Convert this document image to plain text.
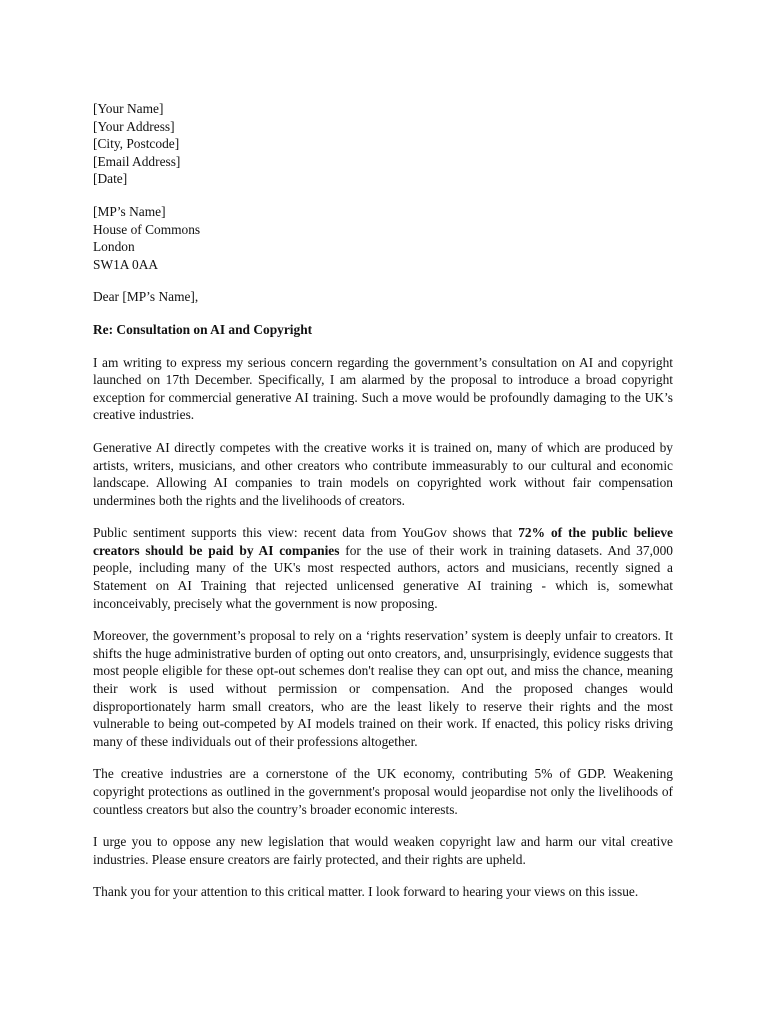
[Your Name]
[Your Address]
[City, Postcode]
[Email Address]
[Date]
[MP’s Name]
House of Commons
London
SW1A 0AA
Dear [MP’s Name],
Re: Consultation on AI and Copyright

I am writing to express my serious concern regarding the government’s consultation on AI and copyright launched on 17th December. Specifically, I am alarmed by the proposal to introduce a broad copyright exception for commercial generative AI training. Such a move would be profoundly damaging to the UK’s creative industries.

Generative AI directly competes with the creative works it is trained on, many of which are produced by artists, writers, musicians, and other creators who contribute immeasurably to our cultural and economic landscape. Allowing AI companies to train models on copyrighted work without fair compensation undermines both the rights and the livelihoods of creators.

Public sentiment supports this view: recent data from YouGov shows that 72% of the public believe creators should be paid by AI companies for the use of their work in training datasets. And 37,000 people, including many of the UK's most respected authors, actors and musicians, recently signed a Statement on AI Training that rejected unlicensed generative AI training - which is, somewhat inconceivably, precisely what the government is now proposing.

Moreover, the government’s proposal to rely on a ‘rights reservation’ system is deeply unfair to creators. It shifts the huge administrative burden of opting out onto creators, and, unsurprisingly, evidence suggests that most people eligible for these opt-out schemes don't realise they can opt out, and miss the chance, meaning their work is used without permission or compensation. And the proposed changes would disproportionately harm small creators, who are the least likely to reserve their rights and the most vulnerable to being out-competed by AI models trained on their work. If enacted, this policy risks driving many of these individuals out of their professions altogether.

The creative industries are a cornerstone of the UK economy, contributing 5% of GDP. Weakening copyright protections as outlined in the government's proposal would jeopardise not only the livelihoods of countless creators but also the country’s broader economic interests.

I urge you to oppose any new legislation that would weaken copyright law and harm our vital creative industries. Please ensure creators are fairly protected, and their rights are upheld.

Thank you for your attention to this critical matter. I look forward to hearing your views on this issue.
